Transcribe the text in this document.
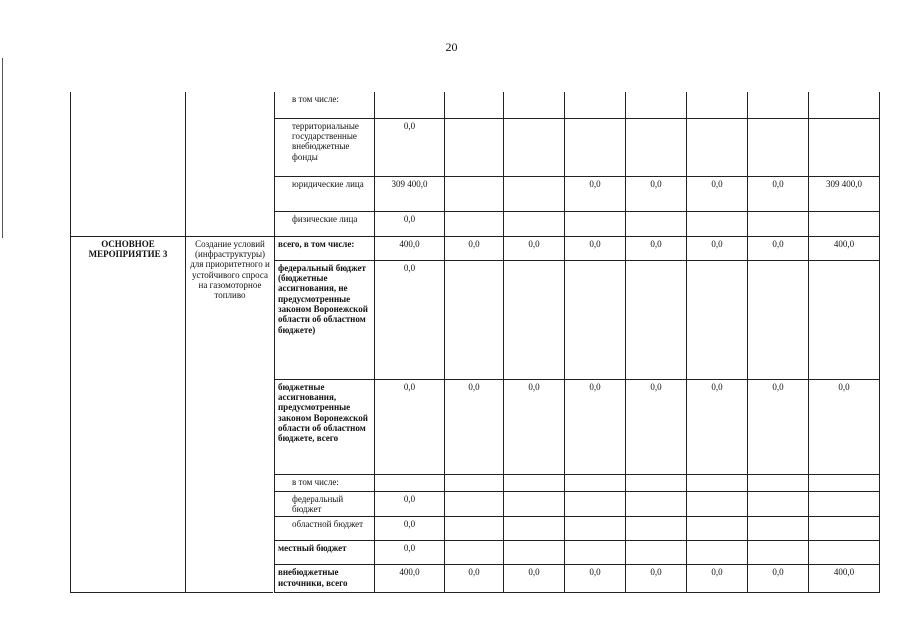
20
		в том числе:								
		территориальные государственные внебюджетные фонды	0,0							
		юридические лица	309 400,0			0,0	0,0	0,0	0,0	309 400,0
		физические лица	0,0							
ОСНОВНОЕ МЕРОПРИЯТИЕ 3	Создание условий (инфраструктуры) для приоритетного и устойчивого спроса на газомоторное топливо	всего, в том числе:	400,0	0,0	0,0	0,0	0,0	0,0	0,0	400,0
		федеральный бюджет (бюджетные ассигнования, не предусмотренные законом Воронежской области об областном бюджете)	0,0							
		бюджетные ассигнования, предусмотренные законом Воронежской области об областном бюджете, всего	0,0	0,0	0,0	0,0	0,0	0,0	0,0	0,0
		в том числе:								
		федеральный бюджет	0,0							
		областной бюджет	0,0							
		местный бюджет	0,0							
		внебюджетные источники, всего	400,0	0,0	0,0	0,0	0,0	0,0	0,0	400,0
